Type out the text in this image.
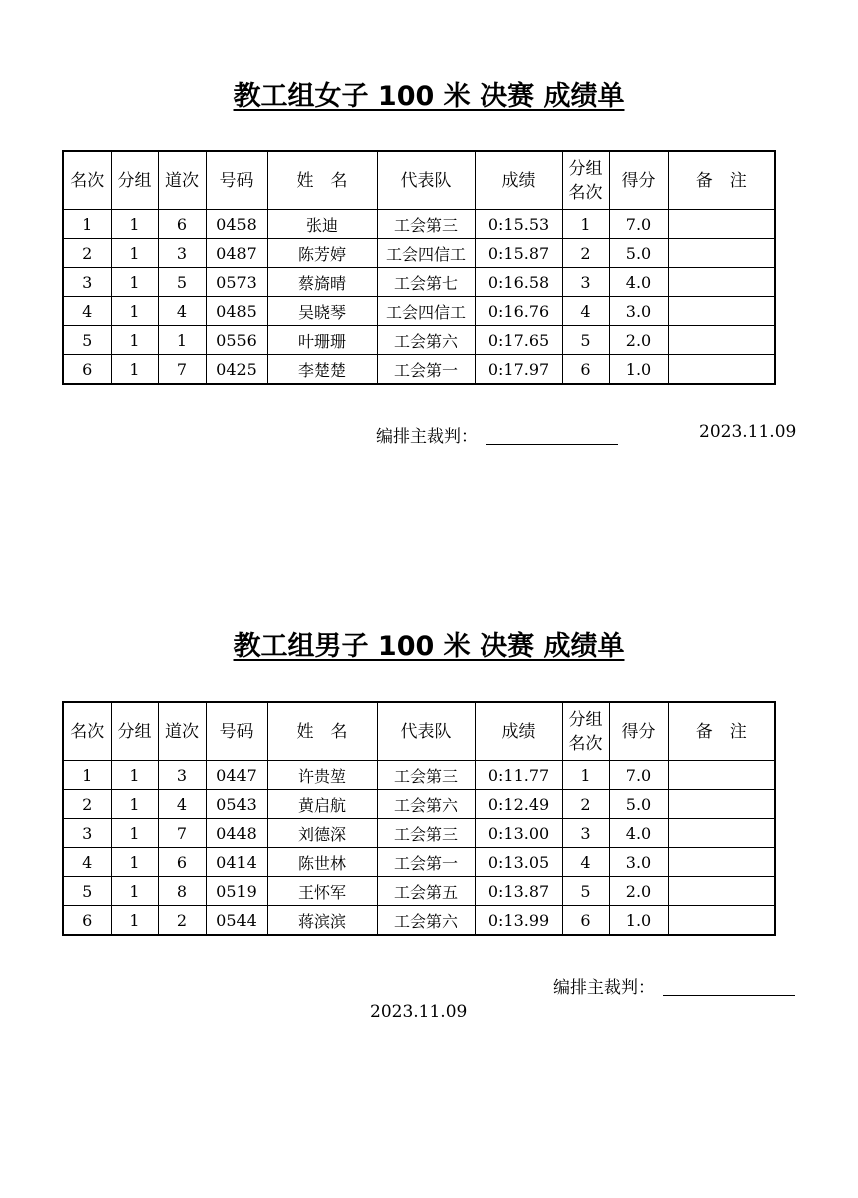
教工组女子 100 米 决赛 成绩单
名次	分组	道次	号码	姓　名	代表队	成绩	分组名次	得分	备　注
1	1	6	0458	张迪	工会第三	0:15.53	1	7.0	
2	1	3	0487	陈芳婷	工会四信工	0:15.87	2	5.0	
3	1	5	0573	蔡旖晴	工会第七	0:16.58	3	4.0	
4	1	4	0485	吴晓琴	工会四信工	0:16.76	4	3.0	
5	1	1	0556	叶珊珊	工会第六	0:17.65	5	2.0	
6	1	7	0425	李楚楚	工会第一	0:17.97	6	1.0	
编排主裁判：	2023.11.09
教工组男子 100 米 决赛 成绩单
名次	分组	道次	号码	姓　名	代表队	成绩	分组名次	得分	备　注
1	1	3	0447	许贵堃	工会第三	0:11.77	1	7.0	
2	1	4	0543	黄启航	工会第六	0:12.49	2	5.0	
3	1	7	0448	刘德深	工会第三	0:13.00	3	4.0	
4	1	6	0414	陈世林	工会第一	0:13.05	4	3.0	
5	1	8	0519	王怀军	工会第五	0:13.87	5	2.0	
6	1	2	0544	蒋滨滨	工会第六	0:13.99	6	1.0	
编排主裁判：
2023.11.09
